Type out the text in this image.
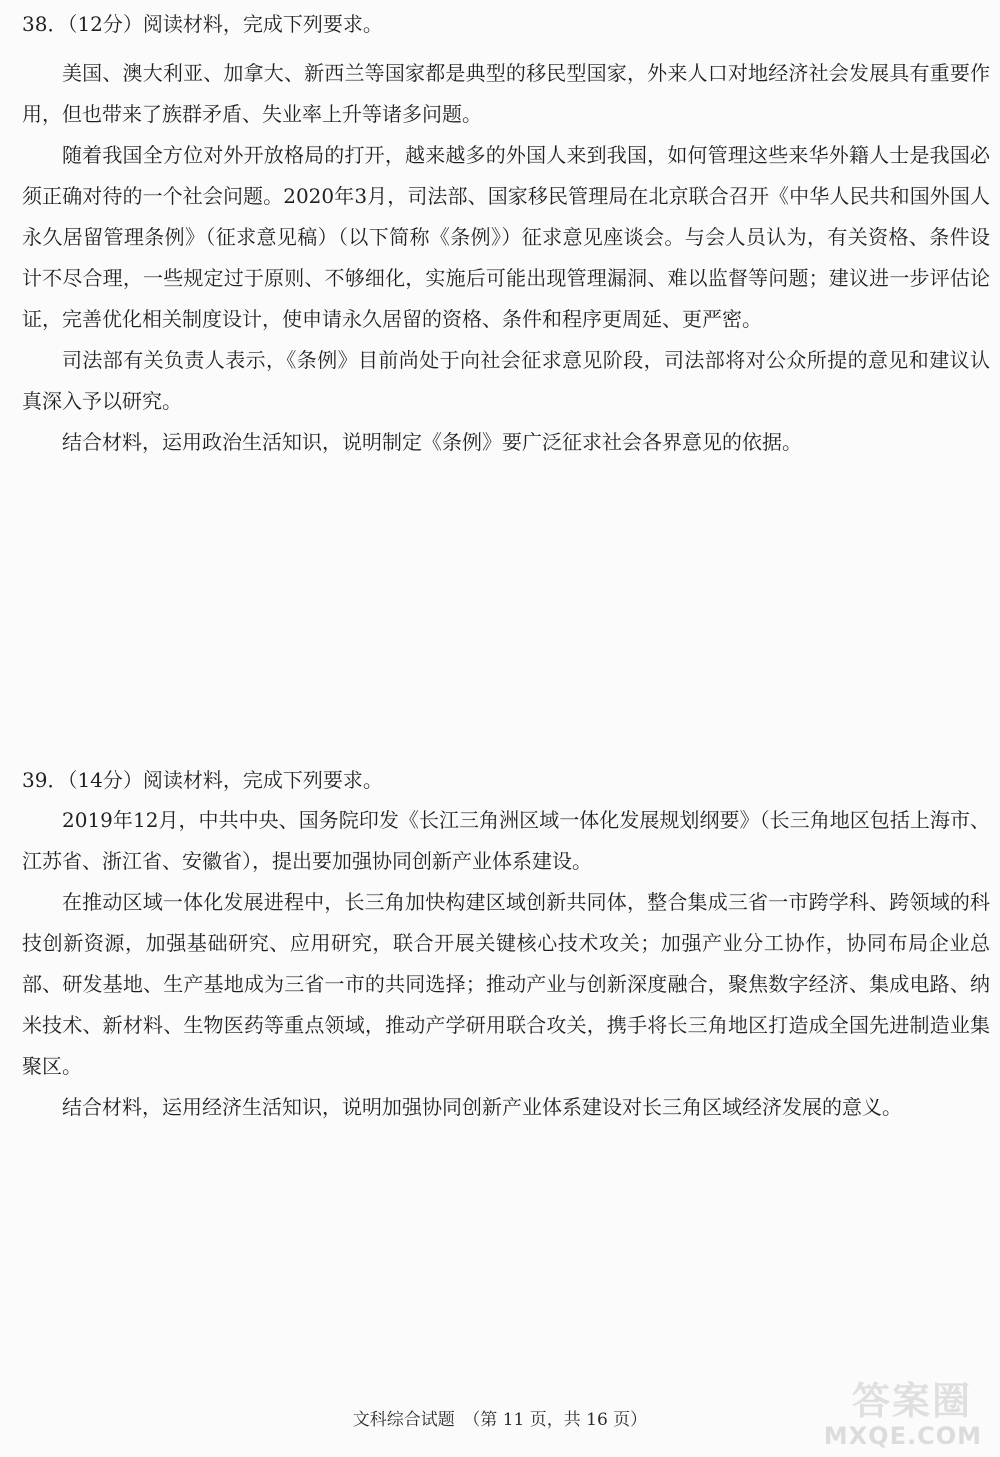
38．（12分）阅读材料，完成下列要求。

美国、澳大利亚、加拿大、新西兰等国家都是典型的移民型国家，外来人口对地经济社会发展具有重要作用，但也带来了族群矛盾、失业率上升等诸多问题。

随着我国全方位对外开放格局的打开，越来越多的外国人来到我国，如何管理这些来华外籍人士是我国必须正确对待的一个社会问题。2020年3月，司法部、国家移民管理局在北京联合召开《中华人民共和国外国人永久居留管理条例》（征求意见稿）（以下简称《条例》）征求意见座谈会。与会人员认为，有关资格、条件设计不尽合理，一些规定过于原则、不够细化，实施后可能出现管理漏洞、难以监督等问题；建议进一步评估论证，完善优化相关制度设计，使申请永久居留的资格、条件和程序更周延、更严密。

司法部有关负责人表示，《条例》目前尚处于向社会征求意见阶段，司法部将对公众所提的意见和建议认真深入予以研究。

结合材料，运用政治生活知识，说明制定《条例》要广泛征求社会各界意见的依据。

39．（14分）阅读材料，完成下列要求。

2019年12月，中共中央、国务院印发《长江三角洲区域一体化发展规划纲要》（长三角地区包括上海市、江苏省、浙江省、安徽省），提出要加强协同创新产业体系建设。

在推动区域一体化发展进程中，长三角加快构建区域创新共同体，整合集成三省一市跨学科、跨领域的科技创新资源，加强基础研究、应用研究，联合开展关键核心技术攻关；加强产业分工协作，协同布局企业总部、研发基地、生产基地成为三省一市的共同选择；推动产业与创新深度融合，聚焦数字经济、集成电路、纳米技术、新材料、生物医药等重点领域，推动产学研用联合攻关，携手将长三角地区打造成全国先进制造业集聚区。

结合材料，运用经济生活知识，说明加强协同创新产业体系建设对长三角区域经济发展的意义。

文科综合试题　（第 11 页，共 16 页）	答案圈
MXQE.COM
